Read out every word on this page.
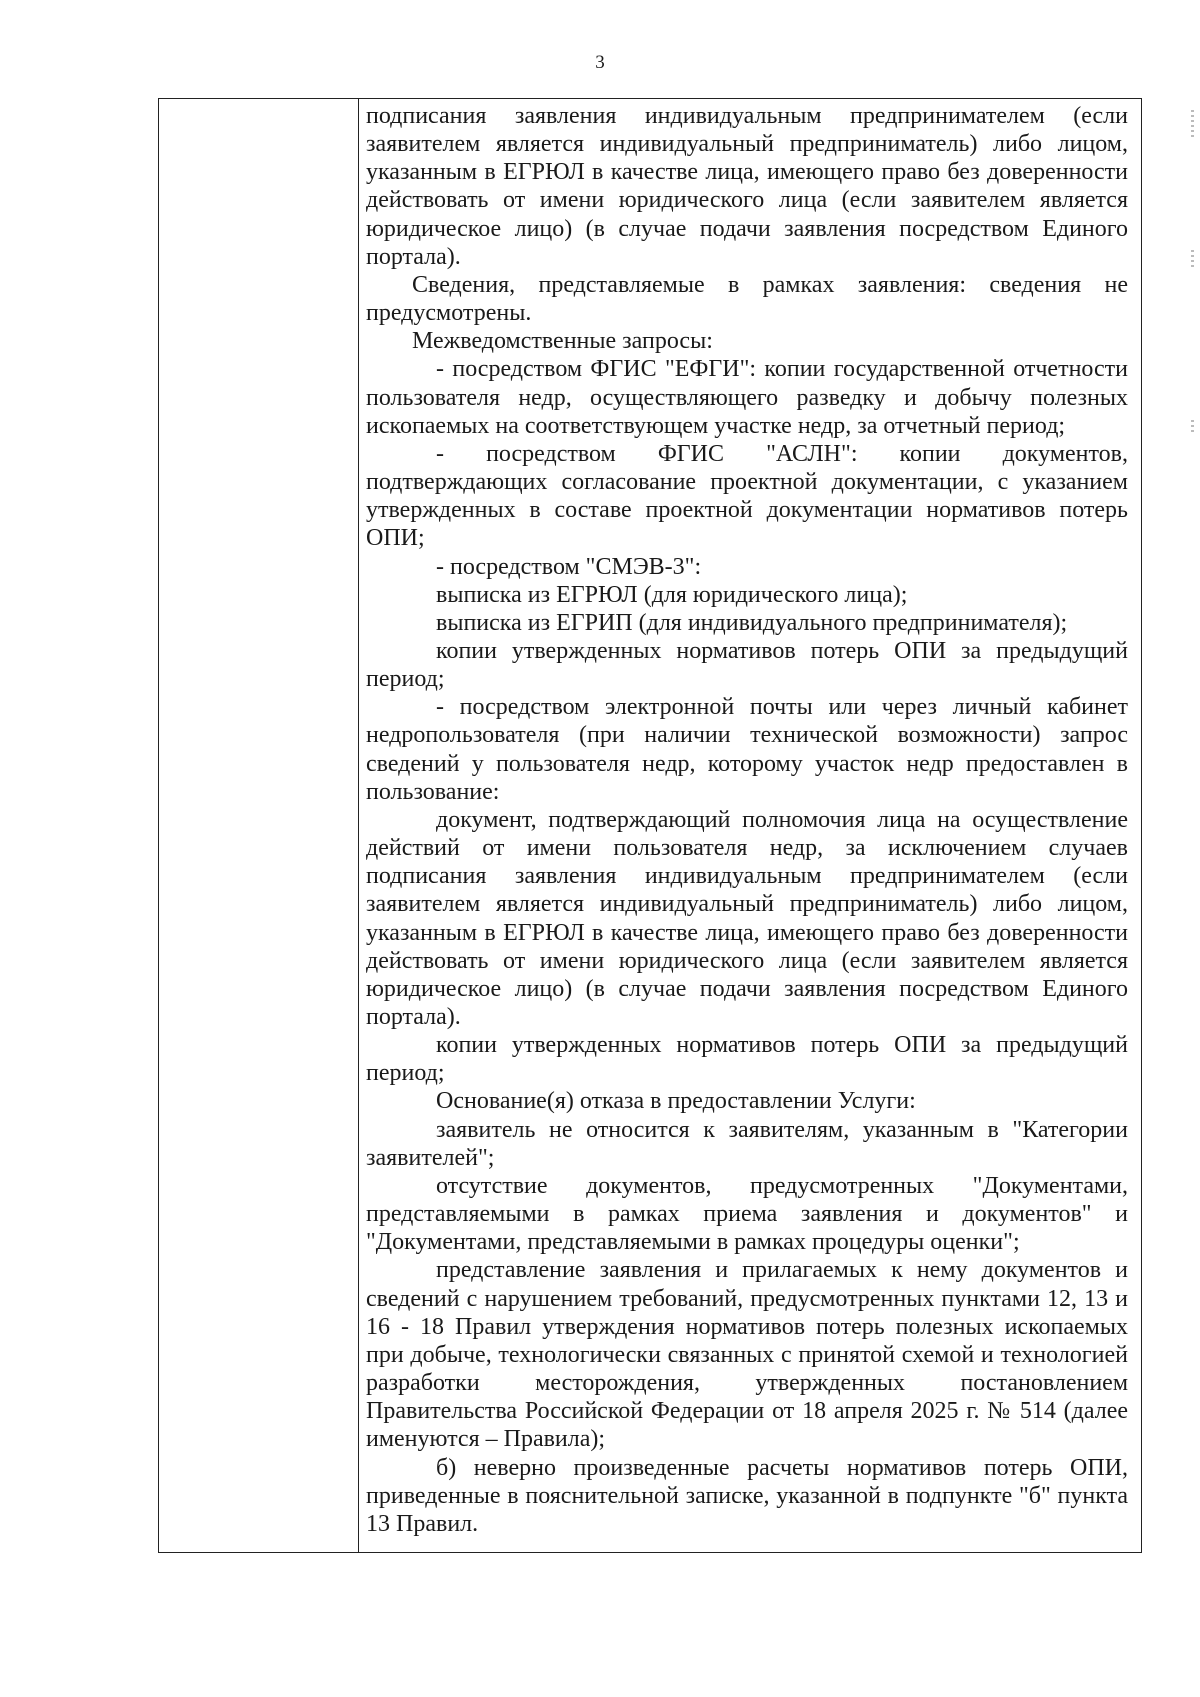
3

подписания заявления индивидуальным предпринимателем (если заявителем является индивидуальный предприниматель) либо лицом, указанным в ЕГРЮЛ в качестве лица, имеющего право без доверенности действовать от имени юридического лица (если заявителем является юридическое лицо) (в случае подачи заявления посредством Единого портала).

Сведения, представляемые в рамках заявления: сведения не предусмотрены.

Межведомственные запросы:

- посредством ФГИС "ЕФГИ": копии государственной отчетности пользователя недр, осуществляющего разведку и добычу полезных ископаемых на соответствующем участке недр, за отчетный период;

- посредством ФГИС "АСЛН": копии документов, подтверждающих согласование проектной документации, с указанием утвержденных в составе проектной документации нормативов потерь ОПИ;

- посредством "СМЭВ-3":

выписка из ЕГРЮЛ (для юридического лица);

выписка из ЕГРИП (для индивидуального предпринимателя);

копии утвержденных нормативов потерь ОПИ за предыдущий период;

- посредством электронной почты или через личный кабинет недропользователя (при наличии технической возможности) запрос сведений у пользователя недр, которому участок недр предоставлен в пользование:

документ, подтверждающий полномочия лица на осуществление действий от имени пользователя недр, за исключением случаев подписания заявления индивидуальным предпринимателем (если заявителем является индивидуальный предприниматель) либо лицом, указанным в ЕГРЮЛ в качестве лица, имеющего право без доверенности действовать от имени юридического лица (если заявителем является юридическое лицо) (в случае подачи заявления посредством Единого портала).

копии утвержденных нормативов потерь ОПИ за предыдущий период;

Основание(я) отказа в предоставлении Услуги:

заявитель не относится к заявителям, указанным в "Категории заявителей";

отсутствие документов, предусмотренных "Документами, представляемыми в рамках приема заявления и документов" и "Документами, представляемыми в рамках процедуры оценки";

представление заявления и прилагаемых к нему документов и сведений с нарушением требований, предусмотренных пунктами 12, 13 и 16 - 18 Правил утверждения нормативов потерь полезных ископаемых при добыче, технологически связанных с принятой схемой и технологией разработки месторождения, утвержденных постановлением Правительства Российской Федерации от 18 апреля 2025 г. № 514 (далее именуются – Правила);

б) неверно произведенные расчеты нормативов потерь ОПИ, приведенные в пояснительной записке, указанной в подпункте "б" пункта 13 Правил.
